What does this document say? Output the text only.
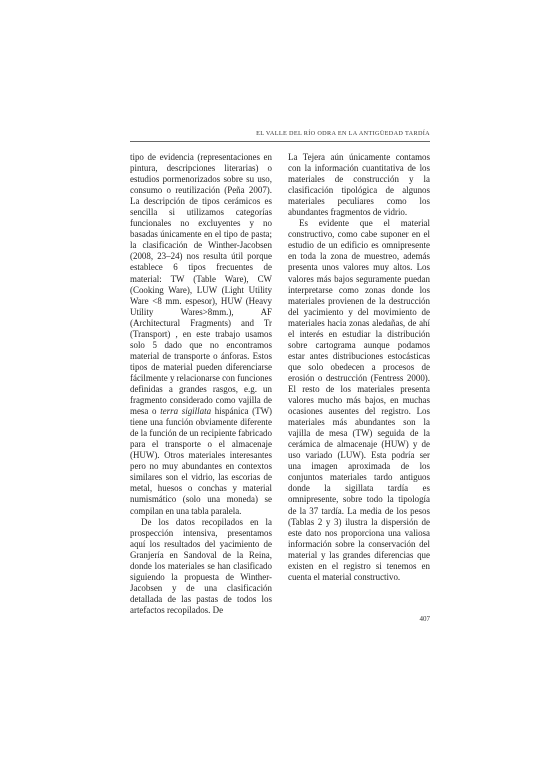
EL VALLE DEL RÍO ODRA EN LA ANTIGÜEDAD TARDÍA

tipo de evidencia (representaciones en pintura, descripciones literarias) o estudios pormenorizados sobre su uso, consumo o reutilización (Peña 2007). La descripción de tipos cerámicos es sencilla si utilizamos categorías funcionales no excluyentes y no basadas únicamente en el tipo de pasta; la clasificación de Winther-Jacobsen (2008, 23–24) nos resulta útil porque establece 6 tipos frecuentes de material: TW (Table Ware), CW (Cooking Ware), LUW (Light Utility Ware <8 mm. espesor), HUW (Heavy Utility Wares>8mm.), AF (Architectural Fragments) and Tr (Transport) , en este trabajo usamos solo 5 dado que no encontramos material de transporte o ánforas. Estos tipos de material pueden diferenciarse fácilmente y relacionarse con funciones definidas a grandes rasgos, e.g. un fragmento considerado como vajilla de mesa o terra sigillata hispánica (TW) tiene una función obviamente diferente de la función de un recipiente fabricado para el transporte o el almacenaje (HUW). Otros materiales interesantes pero no muy abundantes en contextos similares son el vidrio, las escorias de metal, huesos o conchas y material numismático (solo una moneda) se compilan en una tabla paralela.

De los datos recopilados en la prospección intensiva, presentamos aquí los resultados del yacimiento de Granjería en Sandoval de la Reina, donde los materiales se han clasificado siguiendo la propuesta de Winther-Jacobsen y de una clasificación detallada de las pastas de todos los artefactos recopilados. De

La Tejera aún únicamente contamos con la información cuantitativa de los materiales de construcción y la clasificación tipológica de algunos materiales peculiares como los abundantes fragmentos de vidrio.

Es evidente que el material constructivo, como cabe suponer en el estudio de un edificio es omnipresente en toda la zona de muestreo, además presenta unos valores muy altos. Los valores más bajos seguramente puedan interpretarse como zonas donde los materiales provienen de la destrucción del yacimiento y del movimiento de materiales hacia zonas aledañas, de ahí el interés en estudiar la distribución sobre cartograma aunque podamos estar antes distribuciones estocásticas que solo obedecen a procesos de erosión o destrucción (Fentress 2000). El resto de los materiales presenta valores mucho más bajos, en muchas ocasiones ausentes del registro. Los materiales más abundantes son la vajilla de mesa (TW) seguida de la cerámica de almacenaje (HUW) y de uso variado (LUW). Esta podría ser una imagen aproximada de los conjuntos materiales tardo antiguos donde la sigillata tardía es omnipresente, sobre todo la tipología de la 37 tardía. La media de los pesos (Tablas 2 y 3) ilustra la dispersión de este dato nos proporciona una valiosa información sobre la conservación del material y las grandes diferencias que existen en el registro si tenemos en cuenta el material constructivo.

407
